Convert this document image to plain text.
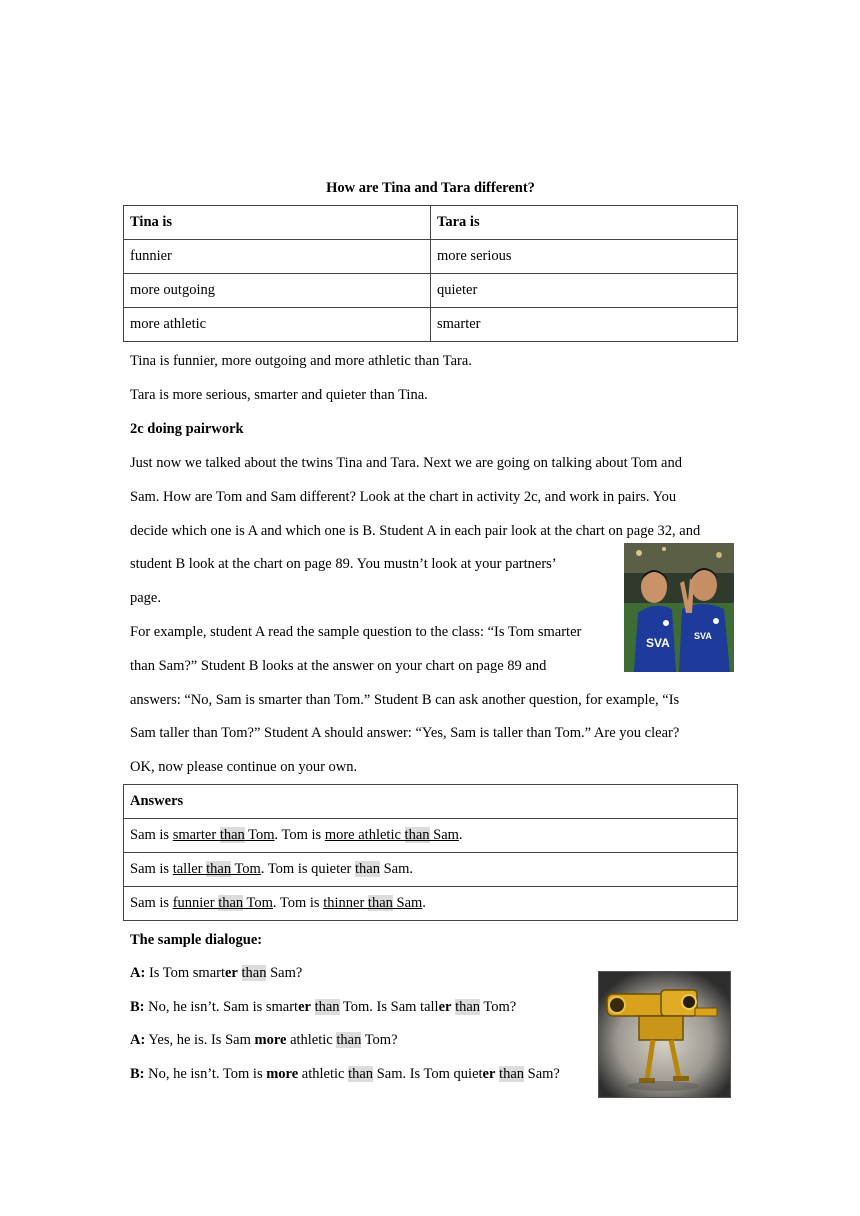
How are Tina and Tara different?
Tina is	Tara is
funnier	more serious
more outgoing	quieter
more athletic	smarter
Tina is funnier, more outgoing and more athletic than Tara.
Tara is more serious, smarter and quieter than Tina.
2c doing pairwork
Just now we talked about the twins Tina and Tara. Next we are going on talking about Tom and
Sam. How are Tom and Sam different? Look at the chart in activity 2c, and work in pairs. You
decide which one is A and which one is B. Student A in each pair look at the chart on page 32, and
student B look at the chart on page 89. You mustn’t look at your partners’
page.
For example, student A read the sample question to the class: “Is Tom smarter
than Sam?” Student B looks at the answer on your chart on page 89 and
answers: “No, Sam is smarter than Tom.” Student B can ask another question, for example, “Is
Sam taller than Tom?” Student A should answer: “Yes, Sam is taller than Tom.” Are you clear?
OK, now please continue on your own.
Answers
Sam is smarter than Tom. Tom is more athletic than Sam.
Sam is taller than Tom. Tom is quieter than Sam.
Sam is funnier than Tom. Tom is thinner than Sam.
The sample dialogue:
A: Is Tom smarter than Sam?
B: No, he isn’t. Sam is smarter than Tom. Is Sam taller than Tom?
A: Yes, he is. Is Sam more athletic than Tom?
B: No, he isn’t. Tom is more athletic than Sam. Is Tom quieter than Sam?
SVA	SVA
